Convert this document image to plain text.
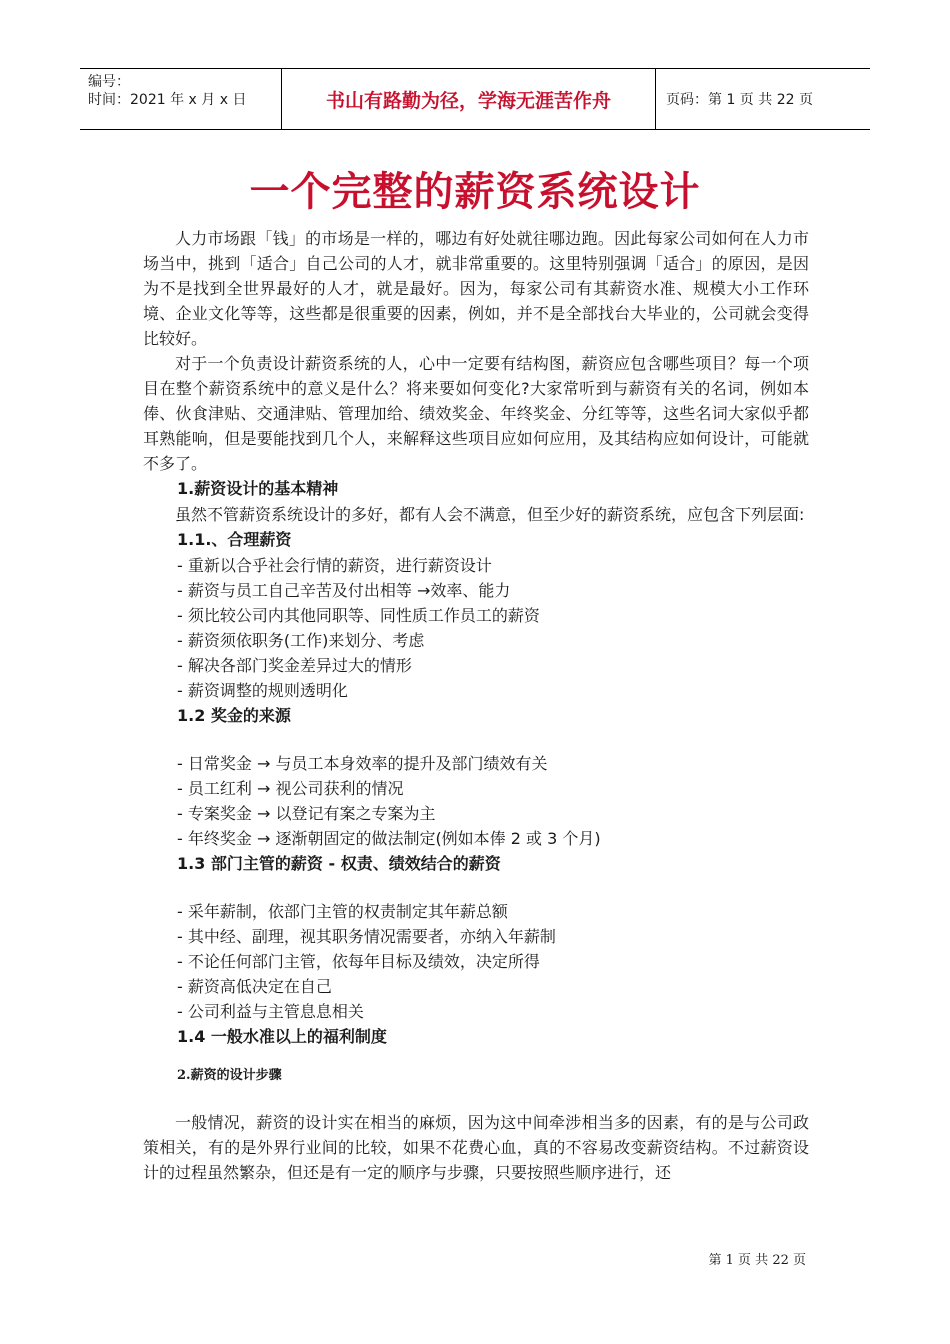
编号：
时间：2021 年 x 月 x 日	书山有路勤为径，学海无涯苦作舟	页码：第 1 页 共 22 页
一个完整的薪资系统设计

人力市场跟「钱」的市场是一样的，哪边有好处就往哪边跑。因此每家公司如何在人力市场当中，挑到「适合」自己公司的人才，就非常重要的。这里特别强调「适合」的原因，是因为不是找到全世界最好的人才，就是最好。因为，每家公司有其薪资水准、规模大小工作环境、企业文化等等，这些都是很重要的因素，例如，并不是全部找台大毕业的，公司就会变得比较好。

对于一个负责设计薪资系统的人，心中一定要有结构图，薪资应包含哪些项目？每一个项目在整个薪资系统中的意义是什么？将来要如何变化?大家常听到与薪资有关的名词，例如本俸、伙食津贴、交通津贴、管理加给、绩效奖金、年终奖金、分红等等，这些名词大家似乎都耳熟能响，但是要能找到几个人，来解释这些项目应如何应用，及其结构应如何设计，可能就不多了。

1.薪资设计的基本精神

虽然不管薪资系统设计的多好，都有人会不满意，但至少好的薪资系统，应包含下列层面:

1.1.、合理薪资

- 重新以合乎社会行情的薪资，进行薪资设计

- 薪资与员工自己辛苦及付出相等 →效率、能力

- 须比较公司内其他同职等、同性质工作员工的薪资

- 薪资须依职务(工作)来划分、考虑

- 解决各部门奖金差异过大的情形

- 薪资调整的规则透明化

1.2 奖金的来源

- 日常奖金 → 与员工本身效率的提升及部门绩效有关

- 员工红利 → 视公司获利的情况

- 专案奖金 → 以登记有案之专案为主

- 年终奖金 → 逐渐朝固定的做法制定(例如本俸 2 或 3 个月)

1.3 部门主管的薪资 - 权责、绩效结合的薪资

- 采年薪制，依部门主管的权责制定其年薪总额

- 其中经、副理，视其职务情况需要者，亦纳入年薪制

- 不论任何部门主管，依每年目标及绩效，决定所得

- 薪资高低决定在自己

- 公司利益与主管息息相关

1.4 一般水准以上的福利制度

2.薪资的设计步骤

一般情况，薪资的设计实在相当的麻烦，因为这中间牵涉相当多的因素，有的是与公司政策相关，有的是外界行业间的比较，如果不花费心血，真的不容易改变薪资结构。不过薪资设计的过程虽然繁杂，但还是有一定的顺序与步骤，只要按照些顺序进行，还

第 1 页 共 22 页
